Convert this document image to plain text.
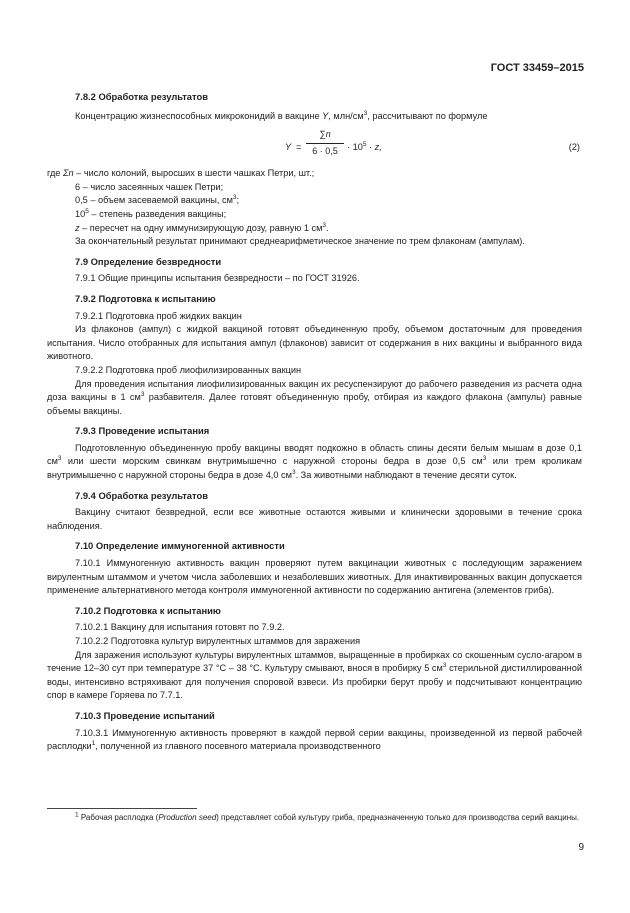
ГОСТ 33459–2015

7.8.2 Обработка результатов

Концентрацию жизнеспособных микроконидий в вакцине Y, млн/$см^3$, рассчитывают по формуле

Y =
∑n
6 · 0,5	· $10^5 \cdot z$,	(2)

где Σn – число колоний, выросших в шести чашках Петри, шт.;

6 – число засеянных чашек Петри;

0,5 – объем засеваемой вакцины, $см^3$;

$10^5$ – степень разведения вакцины;

z – пересчет на одну иммунизирующую дозу, равную 1 $см^3$.

За окончательный результат принимают среднеарифметическое значение по трем флаконам (ампулам).

7.9 Определение безвредности

7.9.1 Общие принципы испытания безвредности – по ГОСТ 31926.

7.9.2 Подготовка к испытанию

7.9.2.1 Подготовка проб жидких вакцин

Из флаконов (ампул) с жидкой вакциной готовят объединенную пробу, объемом достаточным для проведения испытания. Число отобранных для испытания ампул (флаконов) зависит от содержания в них вакцины и выбранного вида животного.

7.9.2.2 Подготовка проб лиофилизированных вакцин

Для проведения испытания лиофилизированных вакцин их ресуспензируют до рабочего разведения из расчета одна доза вакцины в 1 $см^3$ разбавителя. Далее готовят объединенную пробу, отбирая из каждого флакона (ампулы) равные объемы вакцины.

7.9.3 Проведение испытания

Подготовленную объединенную пробу вакцины вводят подкожно в область спины десяти белым мышам в дозе 0,1 $см^3$ или шести морским свинкам внутримышечно с наружной стороны бедра в дозе 0,5 $см^3$ или трем кроликам внутримышечно с наружной стороны бедра в дозе 4,0 $см^3$. За животными наблюдают в течение десяти суток.

7.9.4 Обработка результатов

Вакцину считают безвредной, если все животные остаются живыми и клинически здоровыми в течение срока наблюдения.

7.10 Определение иммуногенной активности

7.10.1 Иммуногенную активность вакцин проверяют путем вакцинации животных с последующим заражением вирулентным штаммом и учетом числа заболевших и незаболевших животных. Для инактивированных вакцин допускается применение альтернативного метода контроля иммуногенной активности по содержанию антигена (элементов гриба).

7.10.2 Подготовка к испытанию

7.10.2.1 Вакцину для испытания готовят по 7.9.2.

7.10.2.2 Подготовка культур вирулентных штаммов для заражения

Для заражения используют культуры вирулентных штаммов, выращенные в пробирках со скошенным сусло-агаром в течение 12–30 сут при температуре 37 °С – 38 °С. Культуру смывают, внося в пробирку 5 $см^3$ стерильной дистиллированной воды, интенсивно встряхивают для получения споровой взвеси. Из пробирки берут пробу и подсчитывают концентрацию спор в камере Горяева по 7.7.1.

7.10.3 Проведение испытаний

7.10.3.1 Иммуногенную активность проверяют в каждой первой серии вакцины, произведенной из первой рабочей расплодки$^1$, полученной из главного посевного материала производственного

$^1$ Рабочая расплодка (Production seed) представляет собой культуру гриба, предназначенную только для производства серий вакцины.
9
